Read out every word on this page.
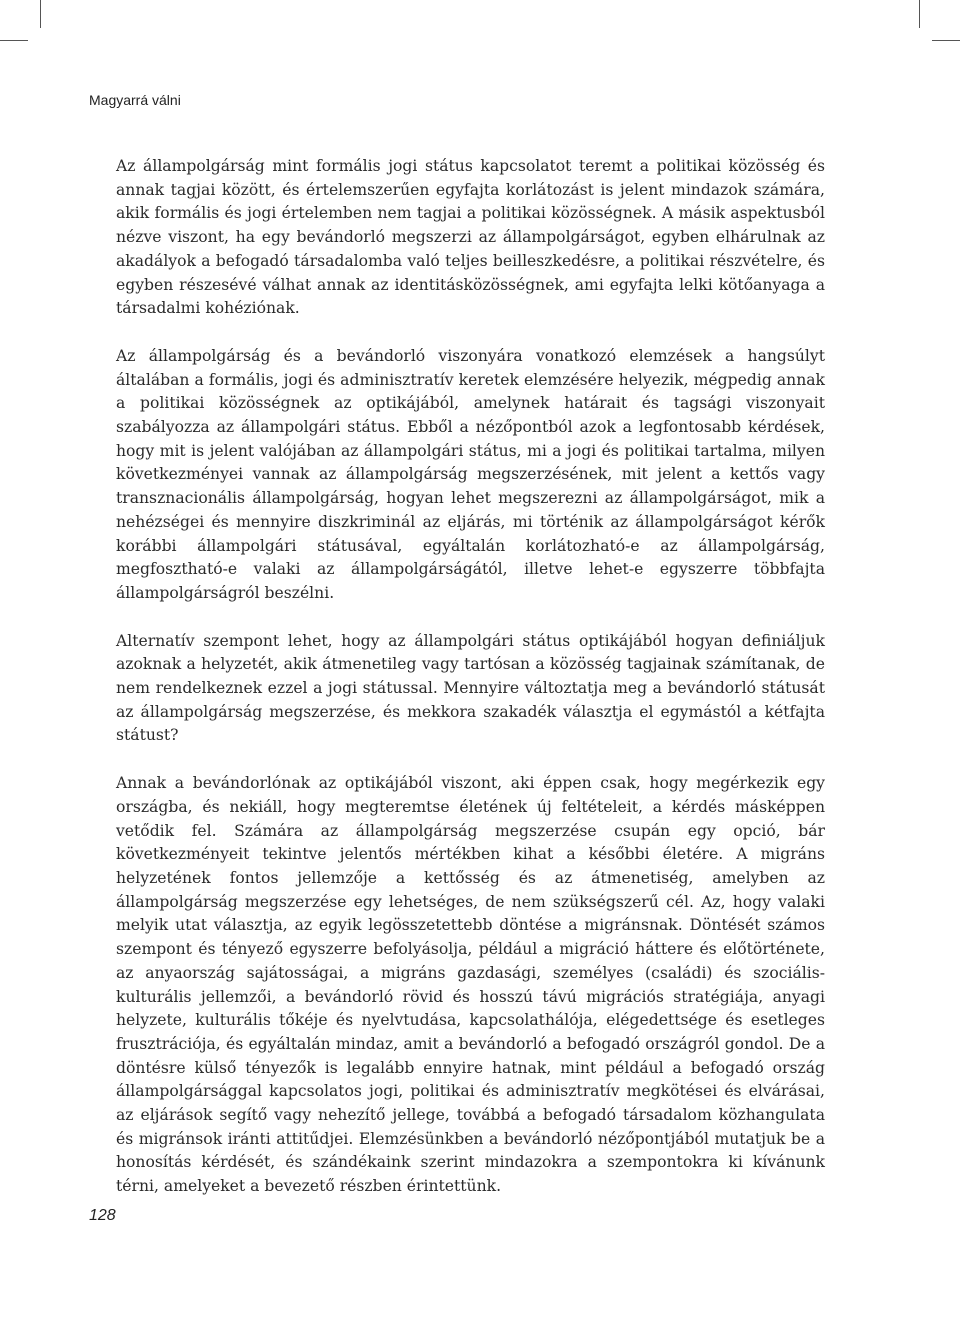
Magyarrá válni

Az állampolgárság mint formális jogi státus kapcsolatot teremt a politikai közösség és annak tagjai között, és értelemszerűen egyfajta korlátozást is jelent mindazok számára, akik formális és jogi értelemben nem tagjai a politikai közösségnek. A másik aspektusból nézve viszont, ha egy bevándorló megszerzi az állampolgárságot, egyben elhárulnak az akadályok a befogadó társadalomba való teljes beilleszkedésre, a politikai részvételre, és egyben részesévé válhat annak az identitásközösségnek, ami egyfajta lelki kötőanyaga a társadalmi kohéziónak.

Az állampolgárság és a bevándorló viszonyára vonatkozó elemzések a hangsúlyt általában a formális, jogi és adminisztratív keretek elemzésére helyezik, mégpedig annak a politikai közösségnek az optikájából, amelynek határait és tagsági viszonyait szabályozza az állampolgári státus. Ebből a nézőpontból azok a legfontosabb kérdések, hogy mit is jelent valójában az állampolgári státus, mi a jogi és politikai tartalma, milyen következményei vannak az állampolgárság megszerzésének, mit jelent a kettős vagy transznacionális állampolgárság, hogyan lehet megszerezni az állampolgárságot, mik a nehézségei és mennyire diszkriminál az eljárás, mi történik az állampolgárságot kérők korábbi állampolgári státusával, egyáltalán korlátozható-e az állampolgárság, megfosztható-e valaki az állampolgárságától, illetve lehet-e egyszerre többfajta állampolgárságról beszélni.

Alternatív szempont lehet, hogy az állampolgári státus optikájából hogyan definiáljuk azoknak a helyzetét, akik átmenetileg vagy tartósan a közösség tagjainak számítanak, de nem rendelkeznek ezzel a jogi státussal. Mennyire változtatja meg a bevándorló státusát az állampolgárság megszerzése, és mekkora szakadék választja el egymástól a kétfajta státust?

Annak a bevándorlónak az optikájából viszont, aki éppen csak, hogy megérkezik egy országba, és nekiáll, hogy megteremtse életének új feltételeit, a kérdés másképpen vetődik fel. Számára az állampolgárság megszerzése csupán egy opció, bár következményeit tekintve jelentős mértékben kihat a későbbi életére. A migráns helyzetének fontos jellemzője a kettősség és az átmenetiség, amelyben az állampolgárság megszerzése egy lehetséges, de nem szükségszerű cél. Az, hogy valaki melyik utat választja, az egyik legösszetettebb döntése a migránsnak. Döntését számos szempont és tényező egyszerre befolyásolja, például a migráció háttere és előtörténete, az anyaország sajátosságai, a migráns gazdasági, személyes (családi) és szociális-kulturális jellemzői, a bevándorló rövid és hosszú távú migrációs stratégiája, anyagi helyzete, kulturális tőkéje és nyelvtudása, kapcsolathálója, elégedettsége és esetleges frusztrációja, és egyáltalán mindaz, amit a bevándorló a befogadó országról gondol. De a döntésre külső tényezők is legalább ennyire hatnak, mint például a befogadó ország állampolgársággal kapcsolatos jogi, politikai és adminisztratív megkötései és elvárásai, az eljárások segítő vagy nehezítő jellege, továbbá a befogadó társadalom közhangulata és migránsok iránti attitűdjei. Elemzésünkben a bevándorló nézőpontjából mutatjuk be a honosítás kérdését, és szándékaink szerint mindazokra a szempontokra ki kívánunk térni, amelyeket a bevezető részben érintettünk.

128
